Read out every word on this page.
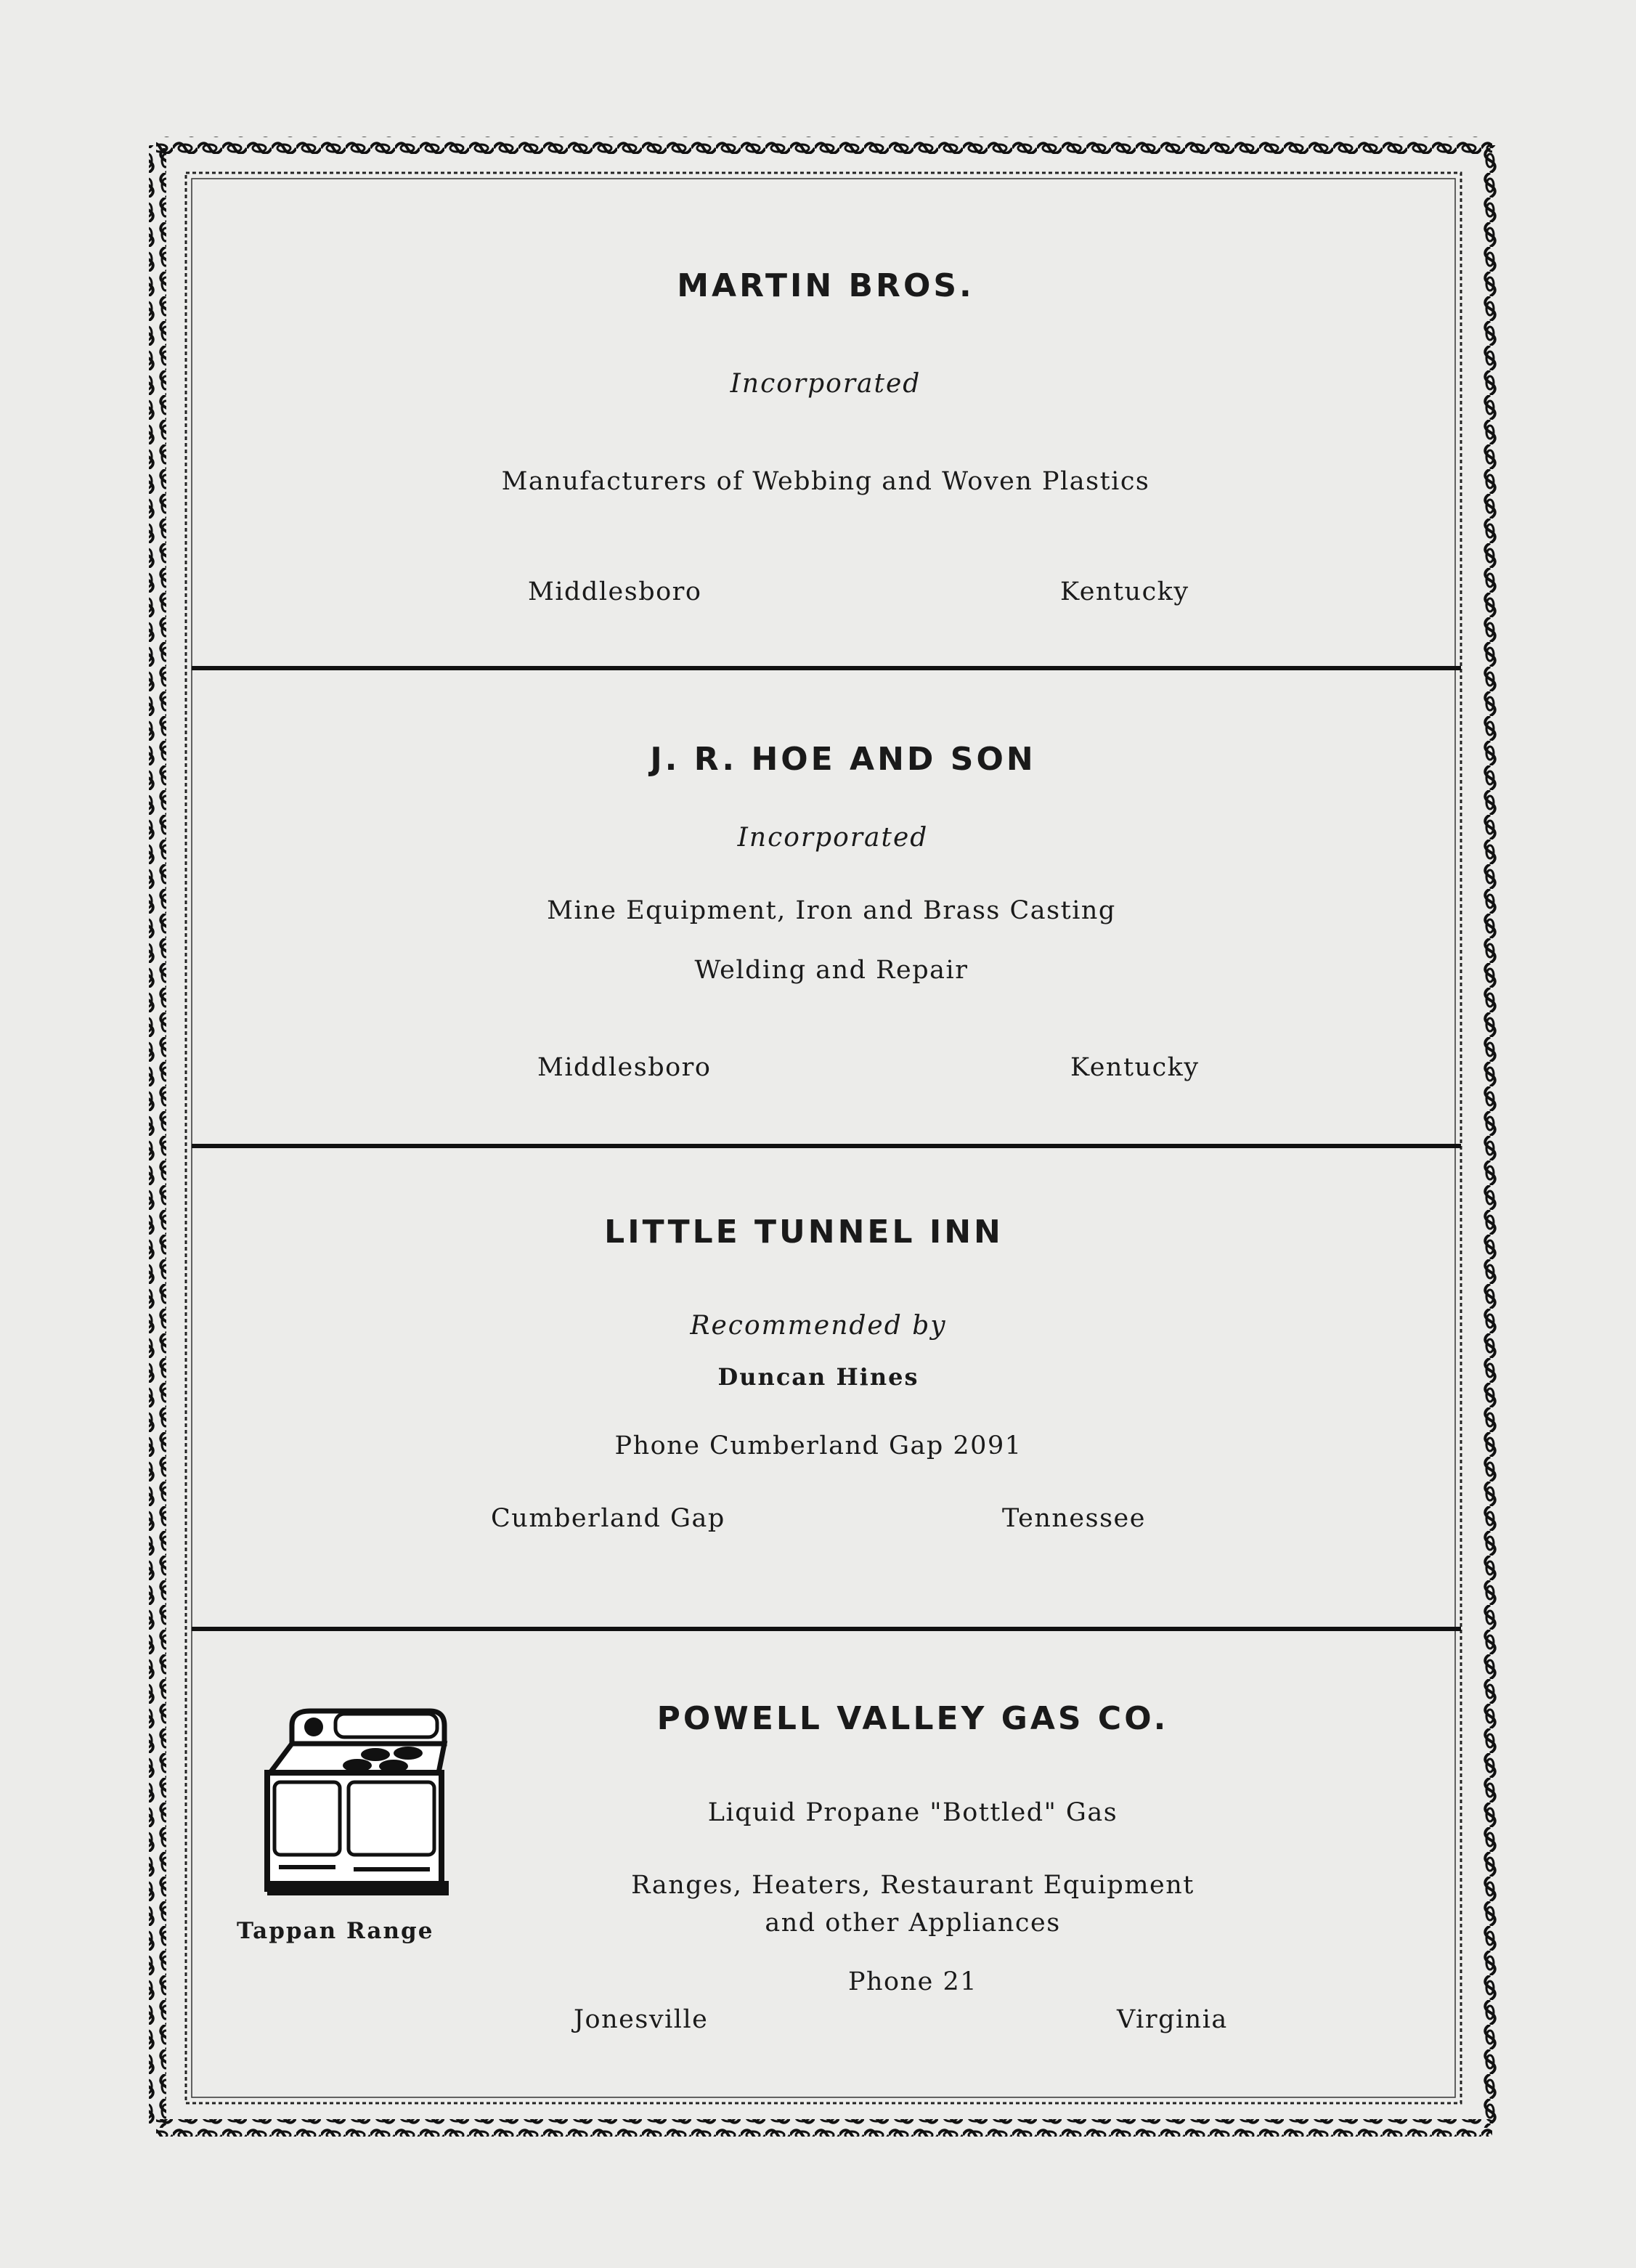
MARTIN BROS.
Incorporated
Manufacturers of Webbing and Woven Plastics
Middlesboro	Kentucky
J. R. HOE AND SON
Incorporated
Mine Equipment, Iron and Brass Casting
Welding and Repair
Middlesboro	Kentucky
LITTLE TUNNEL INN
Recommended by
Duncan Hines
Phone Cumberland Gap 2091
Cumberland Gap	Tennessee
POWELL VALLEY GAS CO.
Liquid Propane "Bottled" Gas
Ranges, Heaters, Restaurant Equipment
and other Appliances
Phone 21
Jonesville	Virginia
Tappan Range
